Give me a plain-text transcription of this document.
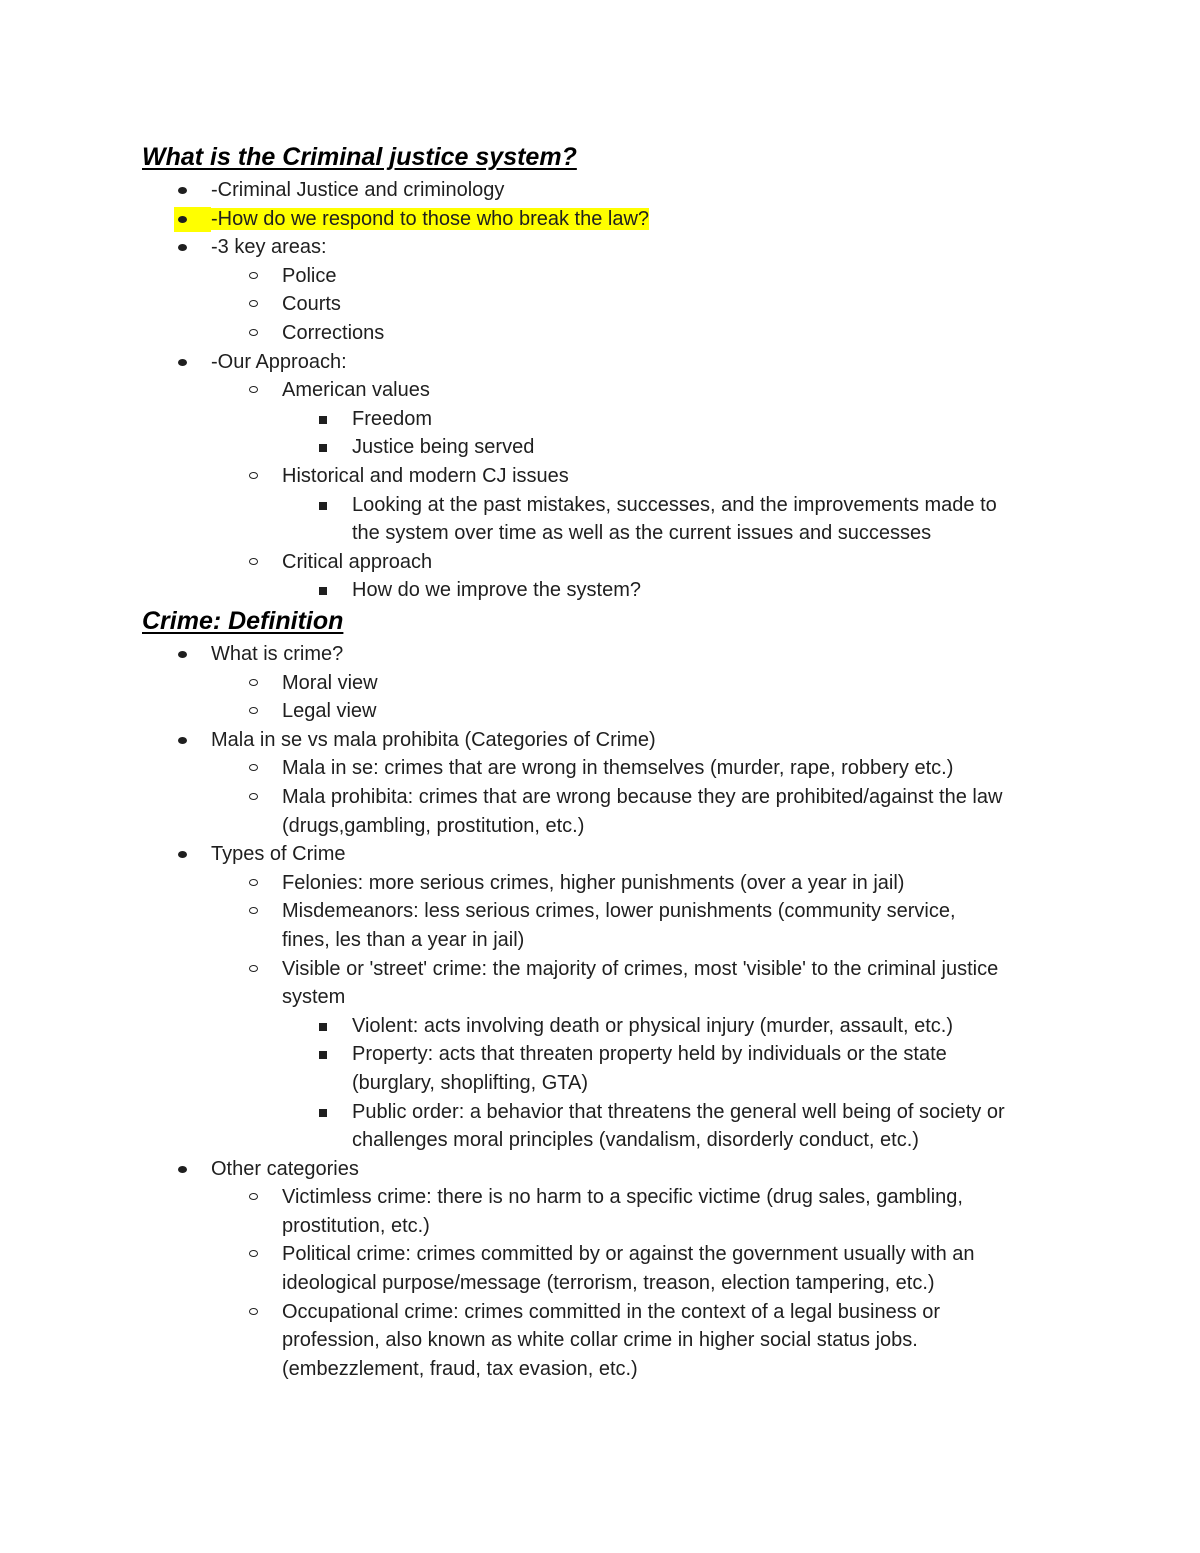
What is the Criminal justice system?
-Criminal Justice and criminology
-How do we respond to those who break the law?
-3 key areas:
Police
Courts
Corrections
-Our Approach:
American values
Freedom
Justice being served
Historical and modern CJ issues
Looking at the past mistakes, successes, and the improvements made to
the system over time as well as the current issues and successes
Critical approach
How do we improve the system?
Crime: Definition
What is crime?
Moral view
Legal view
Mala in se vs mala prohibita (Categories of Crime)
Mala in se: crimes that are wrong in themselves (murder, rape, robbery etc.)
Mala prohibita: crimes that are wrong because they are prohibited/against the law
(drugs,gambling, prostitution, etc.)
Types of Crime
Felonies: more serious crimes, higher punishments (over a year in jail)
Misdemeanors: less serious crimes, lower punishments (community service,
fines, les than a year in jail)
Visible or 'street' crime: the majority of crimes, most 'visible' to the criminal justice
system
Violent: acts involving death or physical injury (murder, assault, etc.)
Property: acts that threaten property held by individuals or the state
(burglary, shoplifting, GTA)
Public order: a behavior that threatens the general well being of society or
challenges moral principles (vandalism, disorderly conduct, etc.)
Other categories
Victimless crime: there is no harm to a specific victime (drug sales, gambling,
prostitution, etc.)
Political crime: crimes committed by or against the government usually with an
ideological purpose/message (terrorism, treason, election tampering, etc.)
Occupational crime: crimes committed in the context of a legal business or
profession, also known as white collar crime in higher social status jobs.
(embezzlement, fraud, tax evasion, etc.)
